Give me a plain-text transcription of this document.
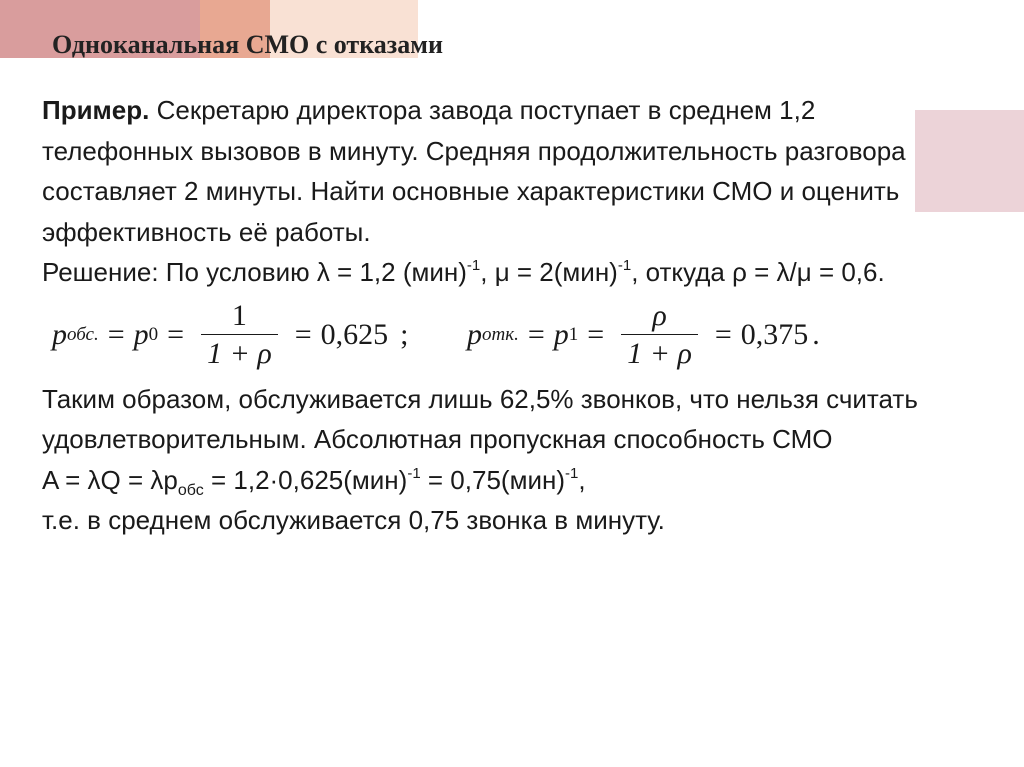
Одноканальная СМО с отказами

Пример. Секретарю директора завода поступает в среднем 1,2 телефонных вызовов в минуту. Средняя продолжительность разговора составляет 2 минуты. Найти основные характеристики СМО и оценить эффективность её работы.

Решение: По условию λ = 1,2 (мин)$^{-1}$, μ = 2(мин)$^{-1}$, откуда ρ = λ/μ = 0,6.

p обс. = p $0 = \frac{1}{1 + \rho} = 0,625$ ; p отк. = p $1 = \frac{\rho}{1 + \rho} = 0,375$ .

Таким образом, обслуживается лишь 62,5% звонков, что нельзя считать

удовлетворительным. Абсолютная пропускная способность СМО

$A = \lambda Q = \lambda p_{обс} = 1,2\cdot 0,625(мин)^{-1} = 0,75(мин)^{-1}$,

т.е. в среднем обслуживается 0,75 звонка в минуту.
